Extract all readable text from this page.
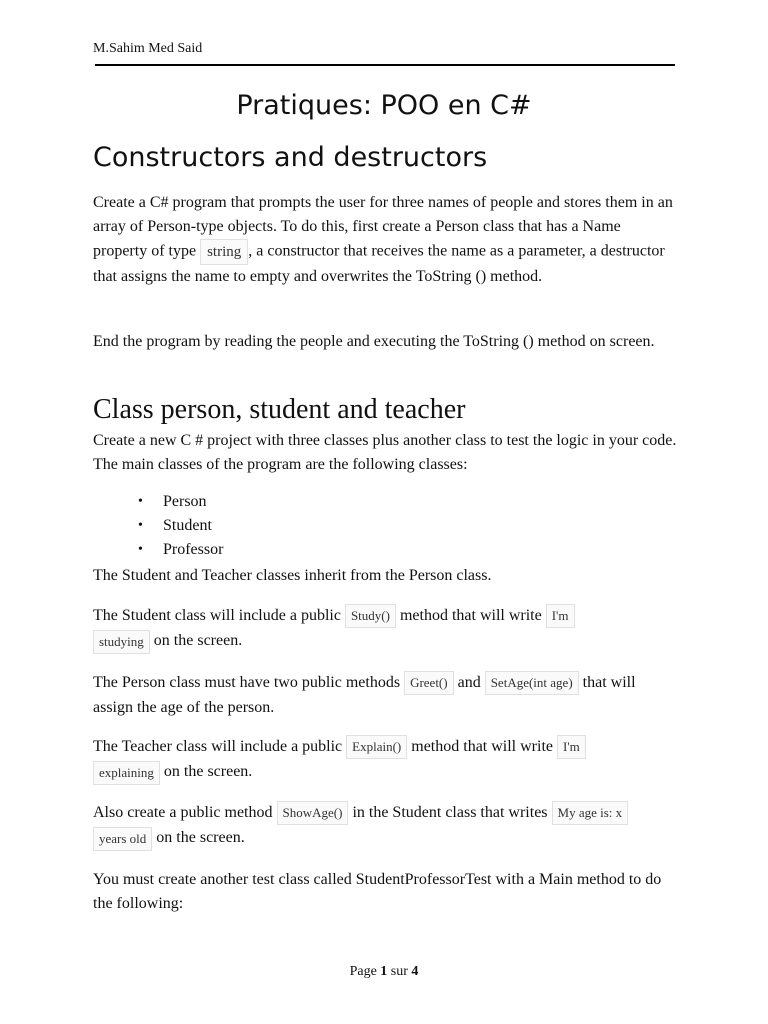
M.Sahim Med Said
Pratiques: POO en C#
Constructors and destructors

Create a C# program that prompts the user for three names of people and stores them in an array of Person-type objects. To do this, first create a Person class that has a Name property of type string , a constructor that receives the name as a parameter, a destructor that assigns the name to empty and overwrites the ToString () method.

End the program by reading the people and executing the ToString () method on screen.

Class person, student and teacher

Create a new C # project with three classes plus another class to test the logic in your code. The main classes of the program are the following classes:

• Person
• Student
• Professor

The Student and Teacher classes inherit from the Person class.

The Student class will include a public Study() method that will write I'm
studying on the screen.

The Person class must have two public methods Greet() and SetAge(int age) that will assign the age of the person.

The Teacher class will include a public Explain() method that will write I'm
explaining on the screen.

Also create a public method ShowAge() in the Student class that writes My age is: x
years old on the screen.

You must create another test class called StudentProfessorTest with a Main method to do the following:

Page 1 sur 4
